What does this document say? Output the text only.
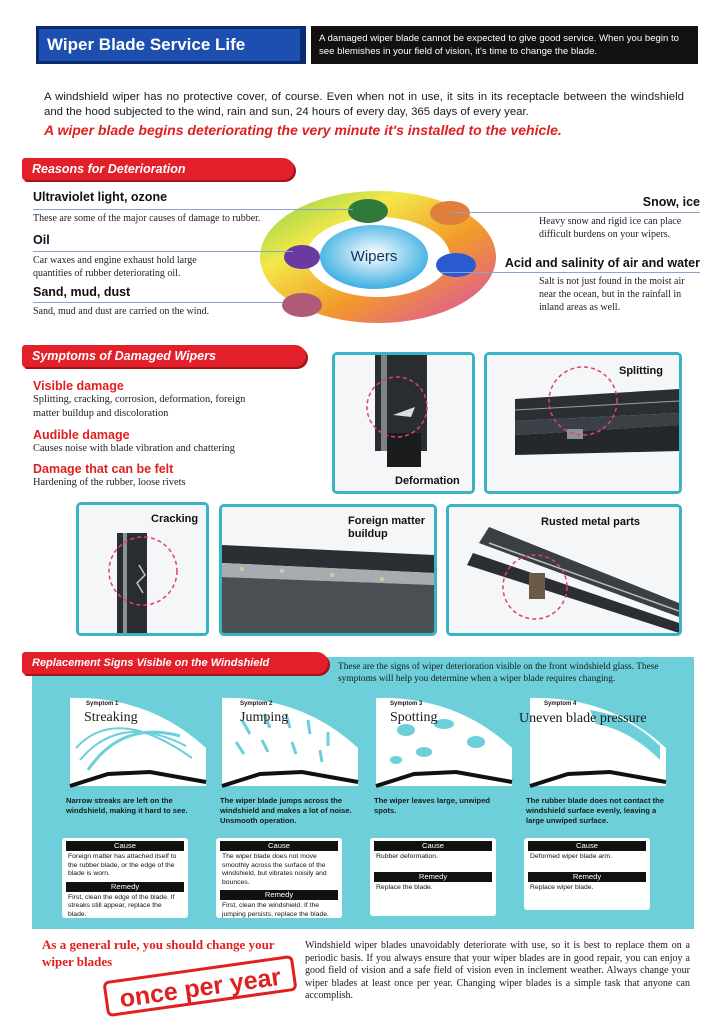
Wiper Blade Service Life	A damaged wiper blade cannot be expected to give good service. When you begin to see blemishes in your field of vision, it's time to change the blade.
A windshield wiper has no protective cover, of course. Even when not in use, it sits in its receptacle between the windshield and the hood subjected to the wind, rain and sun, 24 hours of every day, 365 days of every year.
A wiper blade begins deteriorating the very minute it's installed to the vehicle.
Reasons for Deterioration
Wipers
Ultraviolet light, ozone
These are some of the major causes of damage to rubber.
Oil
Car waxes and engine exhaust hold large quantities of rubber deteriorating oil.
Sand, mud, dust
Sand, mud and dust are carried on the wind.
Snow, ice
Heavy snow and rigid ice can place difficult burdens on your wipers.
Acid and salinity of air and water
Salt is not just found in the moist air near the ocean, but in the rainfall in inland areas as well.
Symptoms of Damaged Wipers
Visible damage
Splitting, cracking, corrosion, deformation, foreign matter buildup and discoloration
Audible damage
Causes noise with blade vibration and chattering
Damage that can be felt
Hardening of the rubber, loose rivets	Deformation
Splitting
Cracking	Foreign matter buildup
Rusted metal parts
Replacement Signs Visible on the Windshield	These are the signs of wiper deterioration visible on the front windshield glass. These symptoms will help you determine when a wiper blade requires changing.
Symptom 1
Streaking
Narrow streaks are left on the windshield, making it hard to see.
Cause
Foreign matter has attached itself to the rubber blade, or the edge of the blade is worn.
Remedy
First, clean the edge of the blade. If streaks still appear, replace the blade.
Symptom 2
Jumping
The wiper blade jumps across the windshield and makes a lot of noise. Unsmooth operation.
Cause
The wiper blade does not move smoothly across the surface of the windshield, but vibrates noisily and bounces.
Remedy
First, clean the windshield. If the jumping persists, replace the blade.
Symptom 3
Spotting
The wiper leaves large, unwiped spots.
Cause
Rubber deformation.
Remedy
Replace the blade.
Symptom 4
Uneven blade pressure
The rubber blade does not contact the windshield surface evenly, leaving a large unwiped surface.
Cause
Deformed wiper blade arm.
Remedy
Replace wiper blade.
As a general rule, you should change your wiper blades
once per year
Windshield wiper blades unavoidably deteriorate with use, so it is best to replace them on a periodic basis. If you always ensure that your wiper blades are in good repair, you can enjoy a good field of vision and a safe field of vision even in inclement weather. Always change your wiper blades at least once per year. Changing wiper blades is a simple task that anyone can accomplish.
